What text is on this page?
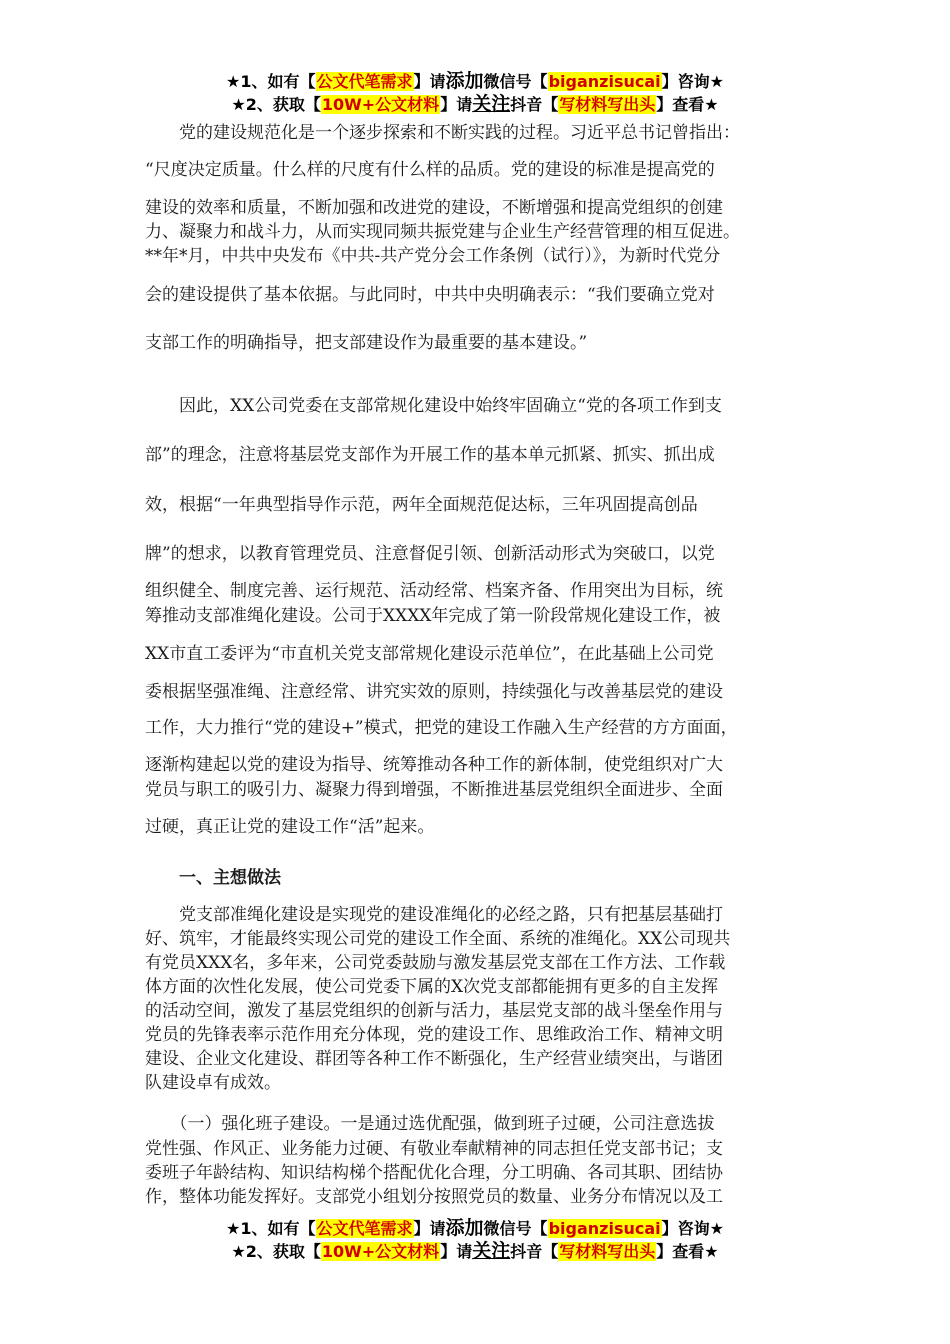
★1、如有【公文代笔需求】请添加微信号【biganzisucai】咨询★
★2、获取【10W+公文材料】请关注抖音【写材料写出头】查看★
　　党的建设规范化是一个逐步探索和不断实践的过程。习近平总书记曾指出：
“尺度决定质量。什么样的尺度有什么样的品质。党的建设的标准是提高党的
建设的效率和质量，不断加强和改进党的建设，不断增强和提高党组织的创建
力、凝聚力和战斗力，从而实现同频共振党建与企业生产经营管理的相互促进。
**年*月，中共中央发布《中共-共产党分会工作条例（试行）》，为新时代党分
会的建设提供了基本依据。与此同时，中共中央明确表示：“我们要确立党对
支部工作的明确指导，把支部建设作为最重要的基本建设。”
　　因此，XX公司党委在支部常规化建设中始终牢固确立“党的各项工作到支
部”的理念，注意将基层党支部作为开展工作的基本单元抓紧、抓实、抓出成
效，根据“一年典型指导作示范，两年全面规范促达标，三年巩固提高创品
牌”的想求，以教育管理党员、注意督促引领、创新活动形式为突破口，以党
组织健全、制度完善、运行规范、活动经常、档案齐备、作用突出为目标，统
筹推动支部准绳化建设。公司于XXXX年完成了第一阶段常规化建设工作，被
XX市直工委评为“市直机关党支部常规化建设示范单位”，在此基础上公司党
委根据坚强准绳、注意经常、讲究实效的原则，持续强化与改善基层党的建设
工作，大力推行“党的建设+”模式，把党的建设工作融入生产经营的方方面面，
逐渐构建起以党的建设为指导、统筹推动各种工作的新体制，使党组织对广大
党员与职工的吸引力、凝聚力得到增强，不断推进基层党组织全面进步、全面
过硬，真正让党的建设工作“活”起来。
　　一、主想做法
　　党支部准绳化建设是实现党的建设准绳化的必经之路，只有把基层基础打
好、筑牢，才能最终实现公司党的建设工作全面、系统的准绳化。XX公司现共
有党员XXX名，多年来，公司党委鼓励与激发基层党支部在工作方法、工作载
体方面的次性化发展，使公司党委下属的X次党支部都能拥有更多的自主发挥
的活动空间，激发了基层党组织的创新与活力，基层党支部的战斗堡垒作用与
党员的先锋表率示范作用充分体现，党的建设工作、思维政治工作、精神文明
建设、企业文化建设、群团等各种工作不断强化，生产经营业绩突出，与谐团
队建设卓有成效。
　　（一）强化班子建设。一是通过选优配强，做到班子过硬，公司注意选拔
党性强、作风正、业务能力过硬、有敬业奉献精神的同志担任党支部书记；支
委班子年龄结构、知识结构梯个搭配优化合理，分工明确、各司其职、团结协
作，整体功能发挥好。支部党小组划分按照党员的数量、业务分布情况以及工
★1、如有【公文代笔需求】请添加微信号【biganzisucai】咨询★
★2、获取【10W+公文材料】请关注抖音【写材料写出头】查看★
